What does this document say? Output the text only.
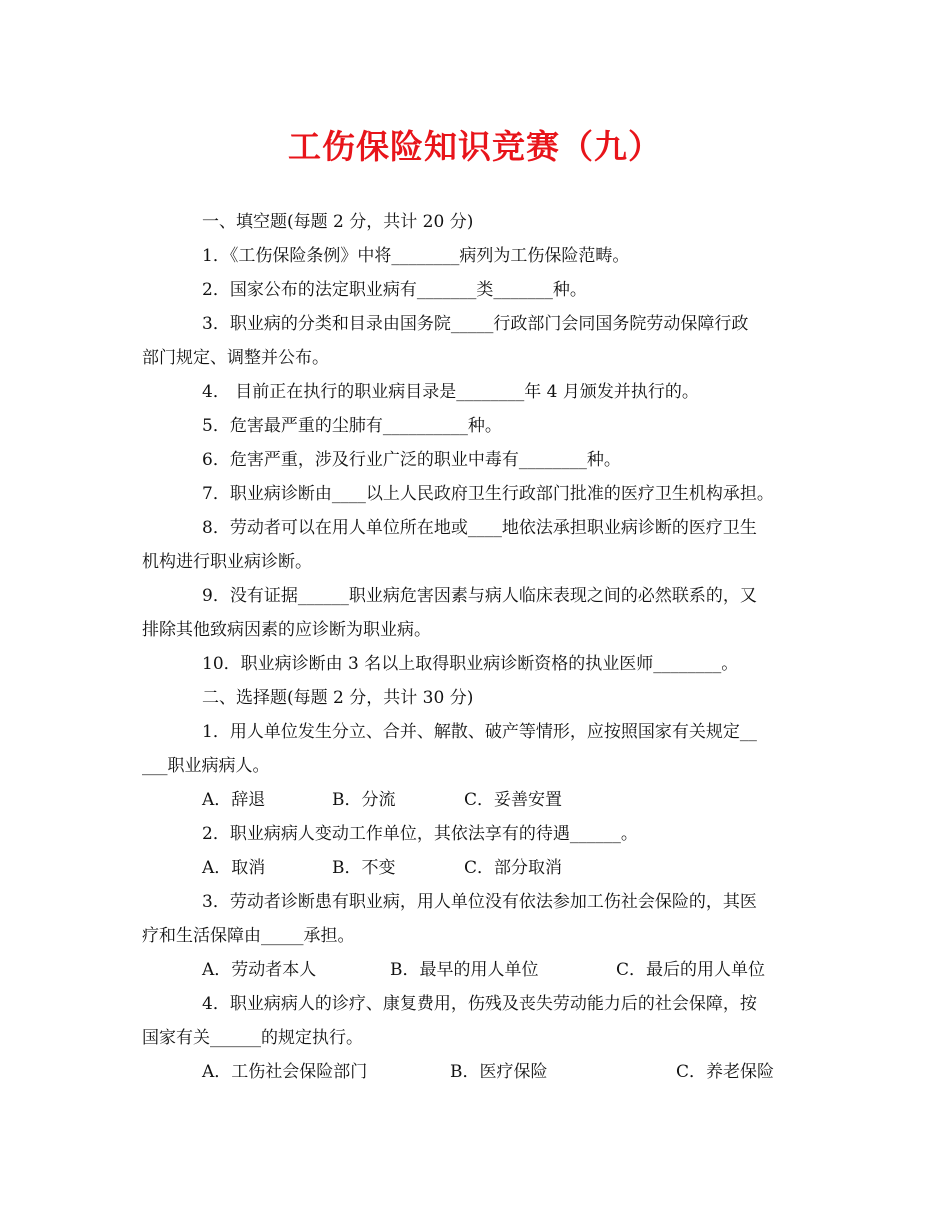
工伤保险知识竞赛（九）
一、填空题(每题 2 分，共计 20 分)
1．《工伤保险条例》中将________病列为工伤保险范畴。
2．国家公布的法定职业病有_______类_______种。
3．职业病的分类和目录由国务院_____行政部门会同国务院劳动保障行政
部门规定、调整并公布。
4． 目前正在执行的职业病目录是________年 4 月颁发并执行的。
5．危害最严重的尘肺有__________种。
6．危害严重，涉及行业广泛的职业中毒有________种。
7．职业病诊断由____以上人民政府卫生行政部门批准的医疗卫生机构承担。
8．劳动者可以在用人单位所在地或____地依法承担职业病诊断的医疗卫生
机构进行职业病诊断。
9．没有证据______职业病危害因素与病人临床表现之间的必然联系的，又
排除其他致病因素的应诊断为职业病。
10．职业病诊断由 3 名以上取得职业病诊断资格的执业医师________。
二、选择题(每题 2 分，共计 30 分)
1．用人单位发生分立、合并、解散、破产等情形，应按照国家有关规定__
___职业病病人。
A．辞退	B．分流	C．妥善安置
2．职业病病人变动工作单位，其依法享有的待遇______。
A．取消	B．不变	C．部分取消
3．劳动者诊断患有职业病，用人单位没有依法参加工伤社会保险的，其医
疗和生活保障由_____承担。
A．劳动者本人	B．最早的用人单位	C．最后的用人单位
4．职业病病人的诊疗、康复费用，伤残及丧失劳动能力后的社会保障，按
国家有关______的规定执行。
A．工伤社会保险部门	B．医疗保险	C．养老保险
